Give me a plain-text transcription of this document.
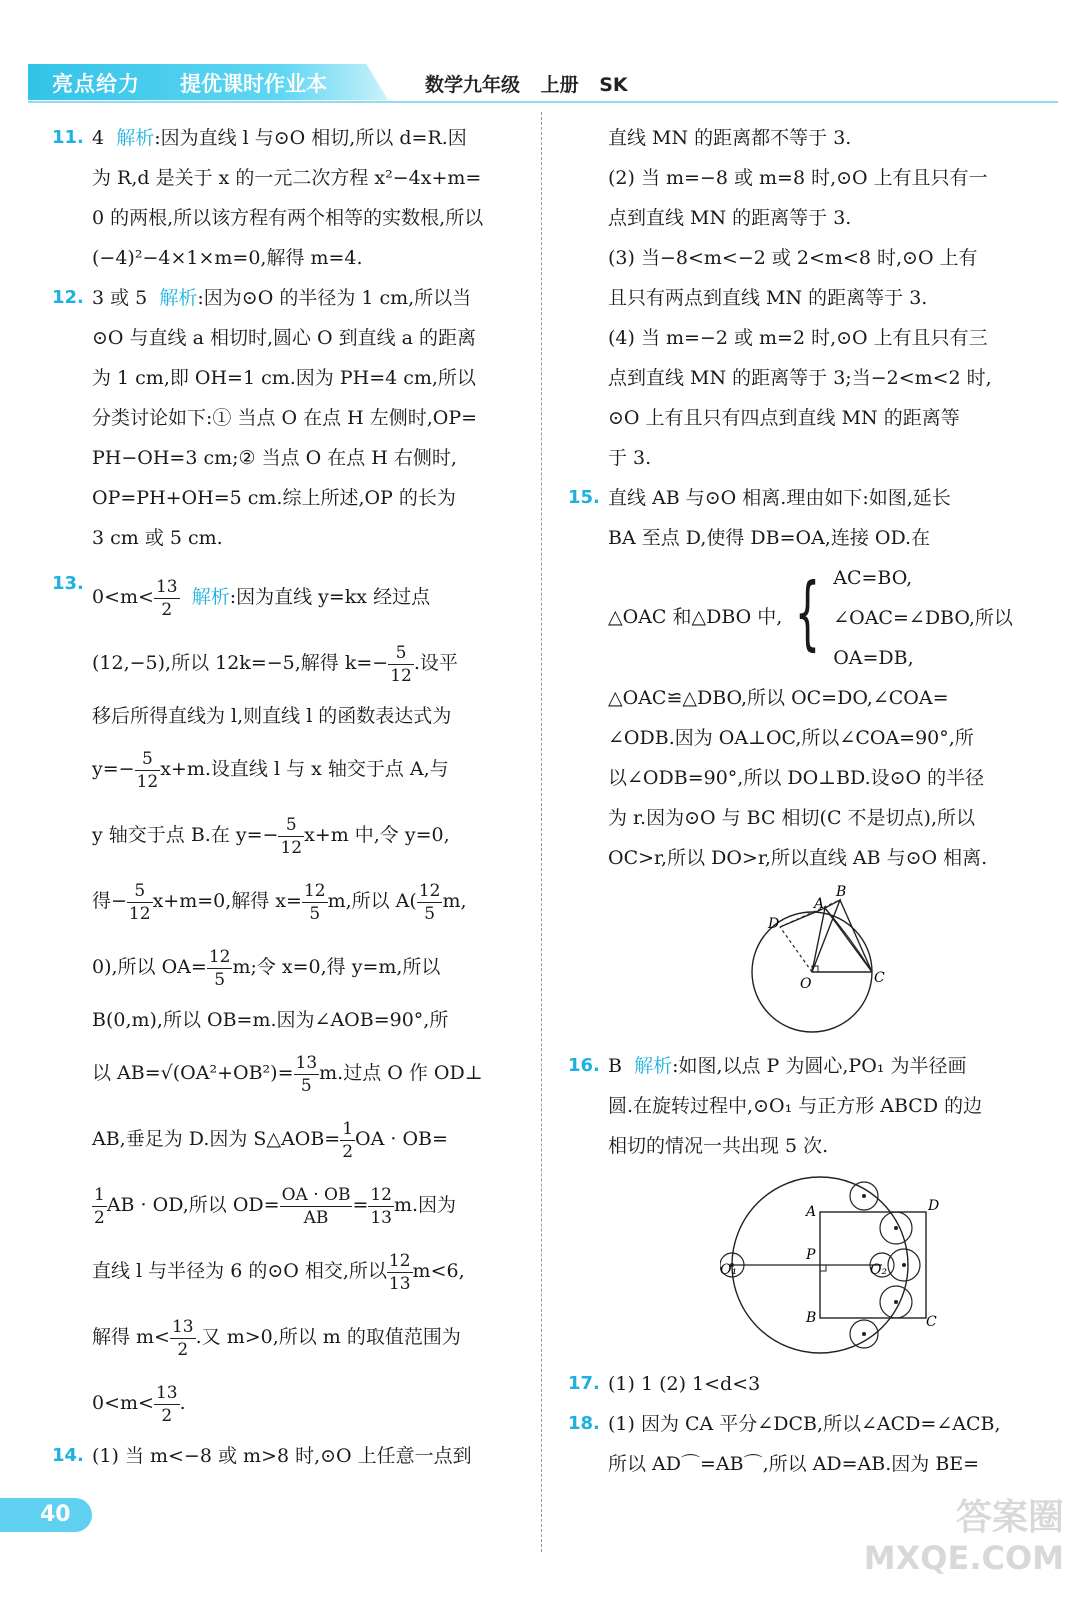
亮点给力 提优课时作业本	数学九年级 上册 SK
11. 4 解析:因为直线 l 与⊙O 相切,所以 d=R.因

为 R,d 是关于 x 的一元二次方程 x²−4x+m=

0 的两根,所以该方程有两个相等的实数根,所以

(−4)²−4×1×m=0,解得 m=4.

12. 3 或 5 解析:因为⊙O 的半径为 1 cm,所以当

⊙O 与直线 a 相切时,圆心 O 到直线 a 的距离

为 1 cm,即 OH=1 cm.因为 PH=4 cm,所以

分类讨论如下:① 当点 O 在点 H 左侧时,OP=

PH−OH=3 cm;② 当点 O 在点 H 右侧时,

OP=PH+OH=5 cm.综上所述,OP 的长为

3 cm 或 5 cm.

13.

$0<m< \frac{13}{2}$ 解析:因为直线 y=kx 经过点

(12,−5),所以 12k=−5,解得 $k=- \frac{5}{12}$ .设平

移后所得直线为 l,则直线 l 的函数表达式为

$y=- \frac{5}{12} x+m$.设直线 l 与 x 轴交于点 A,与

y 轴交于点 B.在 $y=- \frac{5}{12} x+m$ 中,令 y=0,

得− $\frac{5}{12} x+m=0$,解得 $x= \frac{12}{5} m$,所以 $A( \frac{12}{5} m$,

0),所以 $OA= \frac{12}{5} m$;令 x=0,得 y=m,所以

B(0,m),所以 OB=m.因为∠AOB=90°,所

以 $AB=√(OA^2+OB^2)= \frac{13}{5} m$.过点 O 作 OD⊥

AB,垂足为 D.因为 S△AOB= $\frac{1}{2}$ OA · OB=

$\frac{1}{2}$ AB · OD,所以 $OD= \frac{OA \cdot OB}{AB} = \frac{12}{13} m$.因为

直线 l 与半径为 6 的⊙O 相交,所以 $\frac{12}{13} m<6$,

解得 $m< \frac{13}{2}$ .又 m>0,所以 m 的取值范围为

$0<m< \frac{13}{2}$ .

14. (1) 当 m<−8 或 m>8 时,⊙O 上任意一点到

直线 MN 的距离都不等于 3.

(2) 当 m=−8 或 m=8 时,⊙O 上有且只有一

点到直线 MN 的距离等于 3.

(3) 当−8<m<−2 或 2<m<8 时,⊙O 上有

且只有两点到直线 MN 的距离等于 3.

(4) 当 m=−2 或 m=2 时,⊙O 上有且只有三

点到直线 MN 的距离等于 3;当−2<m<2 时,

⊙O 上有且只有四点到直线 MN 的距离等

于 3.

15. 直线 AB 与⊙O 相离.理由如下:如图,延长

BA 至点 D,使得 DB=OA,连接 OD.在

△OAC 和△DBO 中, { AC=BO,
∠OAC=∠DBO,所以
OA=DB,

△OAC≌△DBO,所以 OC=DO,∠COA=

∠ODB.因为 OA⊥OC,所以∠COA=90°,所

以∠ODB=90°,所以 DO⊥BD.设⊙O 的半径

为 r.因为⊙O 与 BC 相切(C 不是切点),所以

OC>r,所以 DO>r,所以直线 AB 与⊙O 相离.

B
A
D
O	C
16. B 解析:如图,以点 P 为圆心,PO₁ 为半径画

圆.在旋转过程中,⊙O₁ 与正方形 ABCD 的边

相切的情况一共出现 5 次.

A	D
P
O₁	O₂
B	C
17. (1) 1 (2) 1<d<3

18. (1) 因为 CA 平分∠DCB,所以∠ACD=∠ACB,

所以 AD⌒=AB⌒,所以 AD=AB.因为 BE=

40	答案圈
MXQE.COM
